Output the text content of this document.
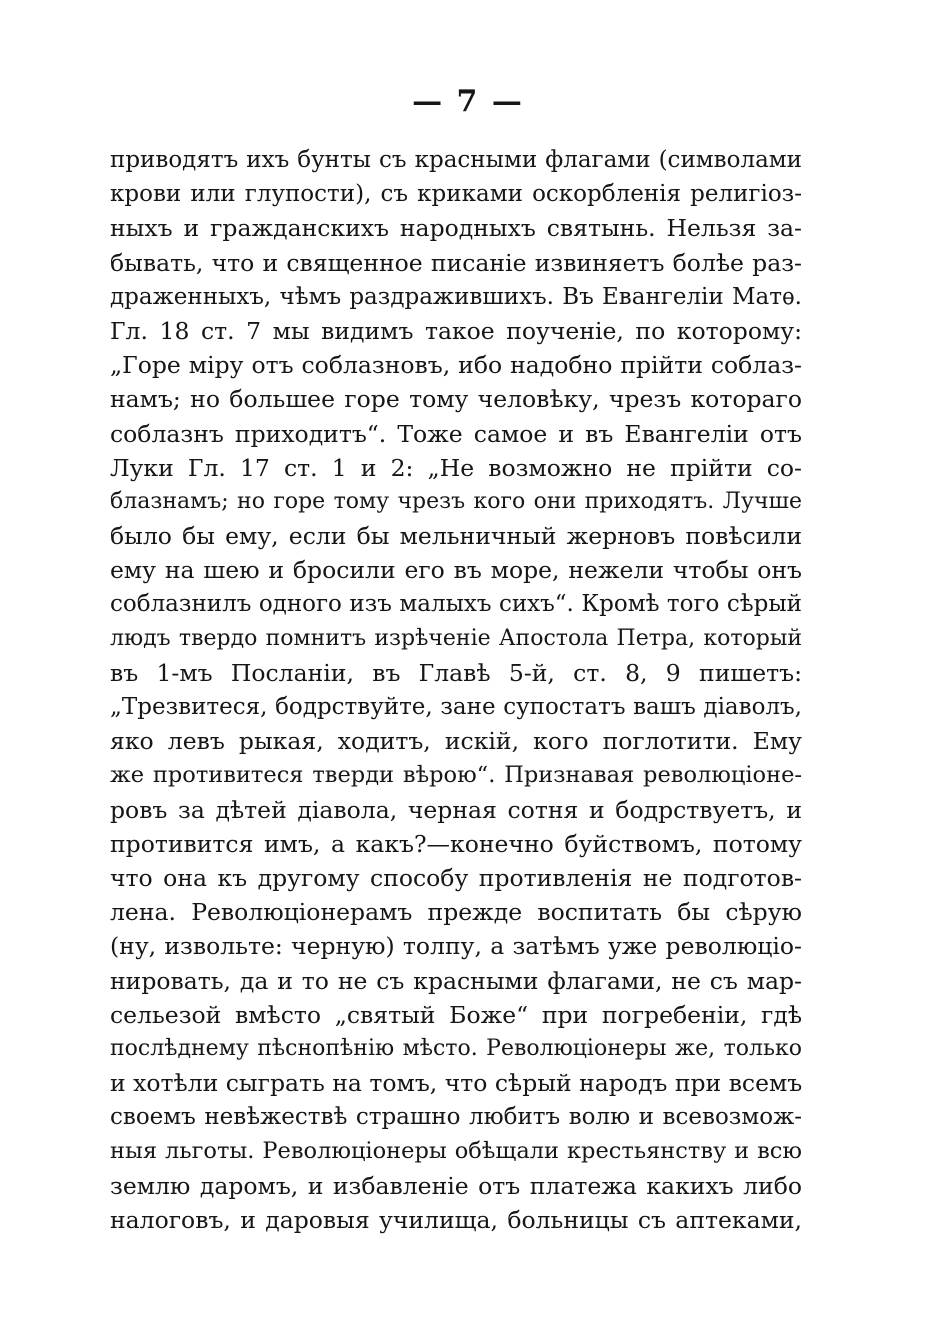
— 7 —
приводятъ ихъ бунты съ красными флагами (символами
крови или глупости), съ криками оскорбленія религіоз-
ныхъ и гражданскихъ народныхъ святынь. Нельзя за-
бывать, что и священное писаніе извиняетъ болѣе раз-
драженныхъ, чѣмъ раздражившихъ. Въ Евангеліи Матѳ.
Гл. 18 ст. 7 мы видимъ такое поученіе, по которому:
„Горе міру отъ соблазновъ, ибо надобно прійти соблаз-
намъ; но большее горе тому человѣку, чрезъ котораго
соблазнъ приходитъ“. Тоже самое и въ Евангеліи отъ
Луки Гл. 17 ст. 1 и 2: „Не возможно не прійти со-
блазнамъ; но горе тому чрезъ кого они приходятъ. Лучше
было бы ему, если бы мельничный жерновъ повѣсили
ему на шею и бросили его въ море, нежели чтобы онъ
соблазнилъ одного изъ малыхъ сихъ“. Кромѣ того сѣрый
людъ твердо помнитъ изрѣченіе Апостола Петра, который
въ 1-мъ Посланіи, въ Главѣ 5-й, ст. 8, 9 пишетъ:
„Трезвитеся, бодрствуйте, зане супостатъ вашъ діаволъ,
яко левъ рыкая, ходитъ, искій, кого поглотити. Ему
же противитеся тверди вѣрою“. Признавая революціоне-
ровъ за дѣтей діавола, черная сотня и бодрствуетъ, и
противится имъ, а какъ?—конечно буйствомъ, потому
что она къ другому способу противленія не подготов-
лена. Революціонерамъ прежде воспитать бы сѣрую
(ну, извольте: черную) толпу, а затѣмъ уже революціо-
нировать, да и то не съ красными флагами, не съ мар-
сельезой вмѣсто „святый Боже“ при погребеніи, гдѣ
послѣднему пѣснопѣнію мѣсто. Революціонеры же, только
и хотѣли сыграть на томъ, что сѣрый народъ при всемъ
своемъ невѣжествѣ страшно любитъ волю и всевозмож-
ныя льготы. Революціонеры обѣщали крестьянству и всю
землю даромъ, и избавленіе отъ платежа какихъ либо
налоговъ, и даровыя училища, больницы съ аптеками,
